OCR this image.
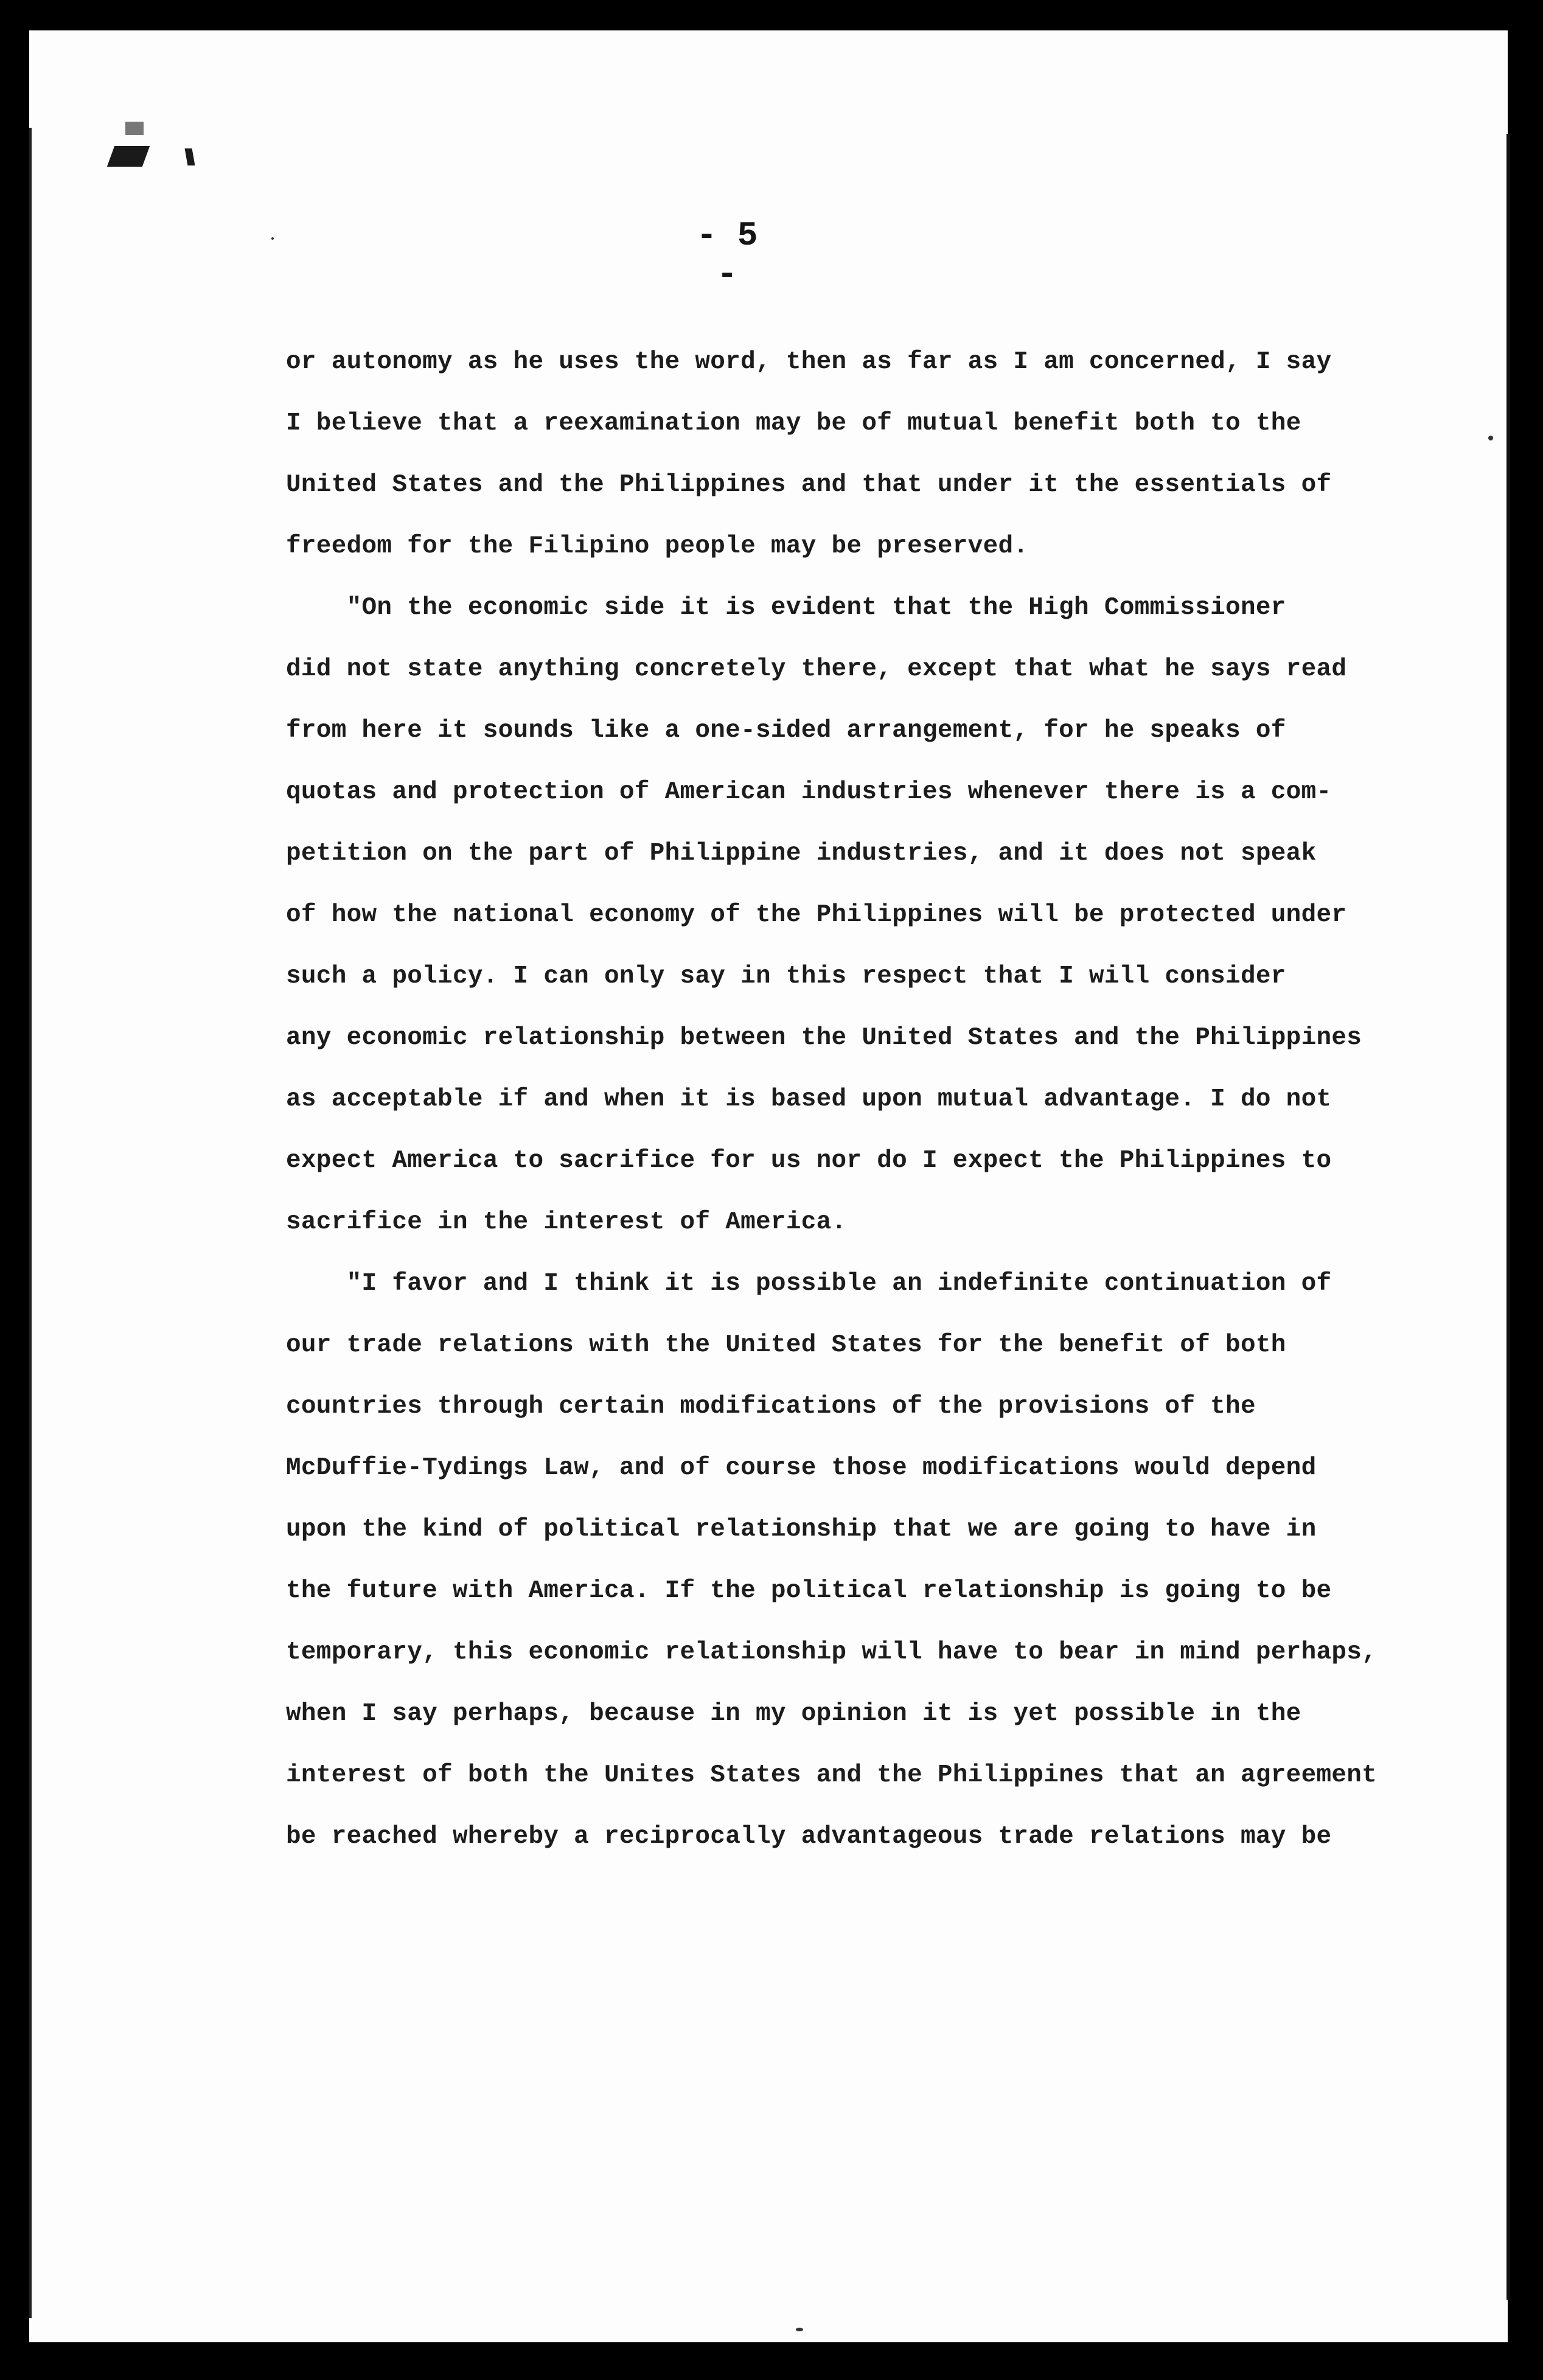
- 5 -
or autonomy as he uses the word, then as far as I am concerned, I say
I believe that a reexamination may be of mutual benefit both to the
United States and the Philippines and that under it the essentials of
freedom for the Filipino people may be preserved.
"On the economic side it is evident that the High Commissioner
did not state anything concretely there, except that what he says read
from here it sounds like a one-sided arrangement, for he speaks of
quotas and protection of American industries whenever there is a com-
petition on the part of Philippine industries, and it does not speak
of how the national economy of the Philippines will be protected under
such a policy. I can only say in this respect that I will consider
any economic relationship between the United States and the Philippines
as acceptable if and when it is based upon mutual advantage. I do not
expect America to sacrifice for us nor do I expect the Philippines to
sacrifice in the interest of America.
"I favor and I think it is possible an indefinite continuation of
our trade relations with the United States for the benefit of both
countries through certain modifications of the provisions of the
McDuffie-Tydings Law, and of course those modifications would depend
upon the kind of political relationship that we are going to have in
the future with America. If the political relationship is going to be
temporary, this economic relationship will have to bear in mind perhaps,
when I say perhaps, because in my opinion it is yet possible in the
interest of both the Unites States and the Philippines that an agreement
be reached whereby a reciprocally advantageous trade relations may be
